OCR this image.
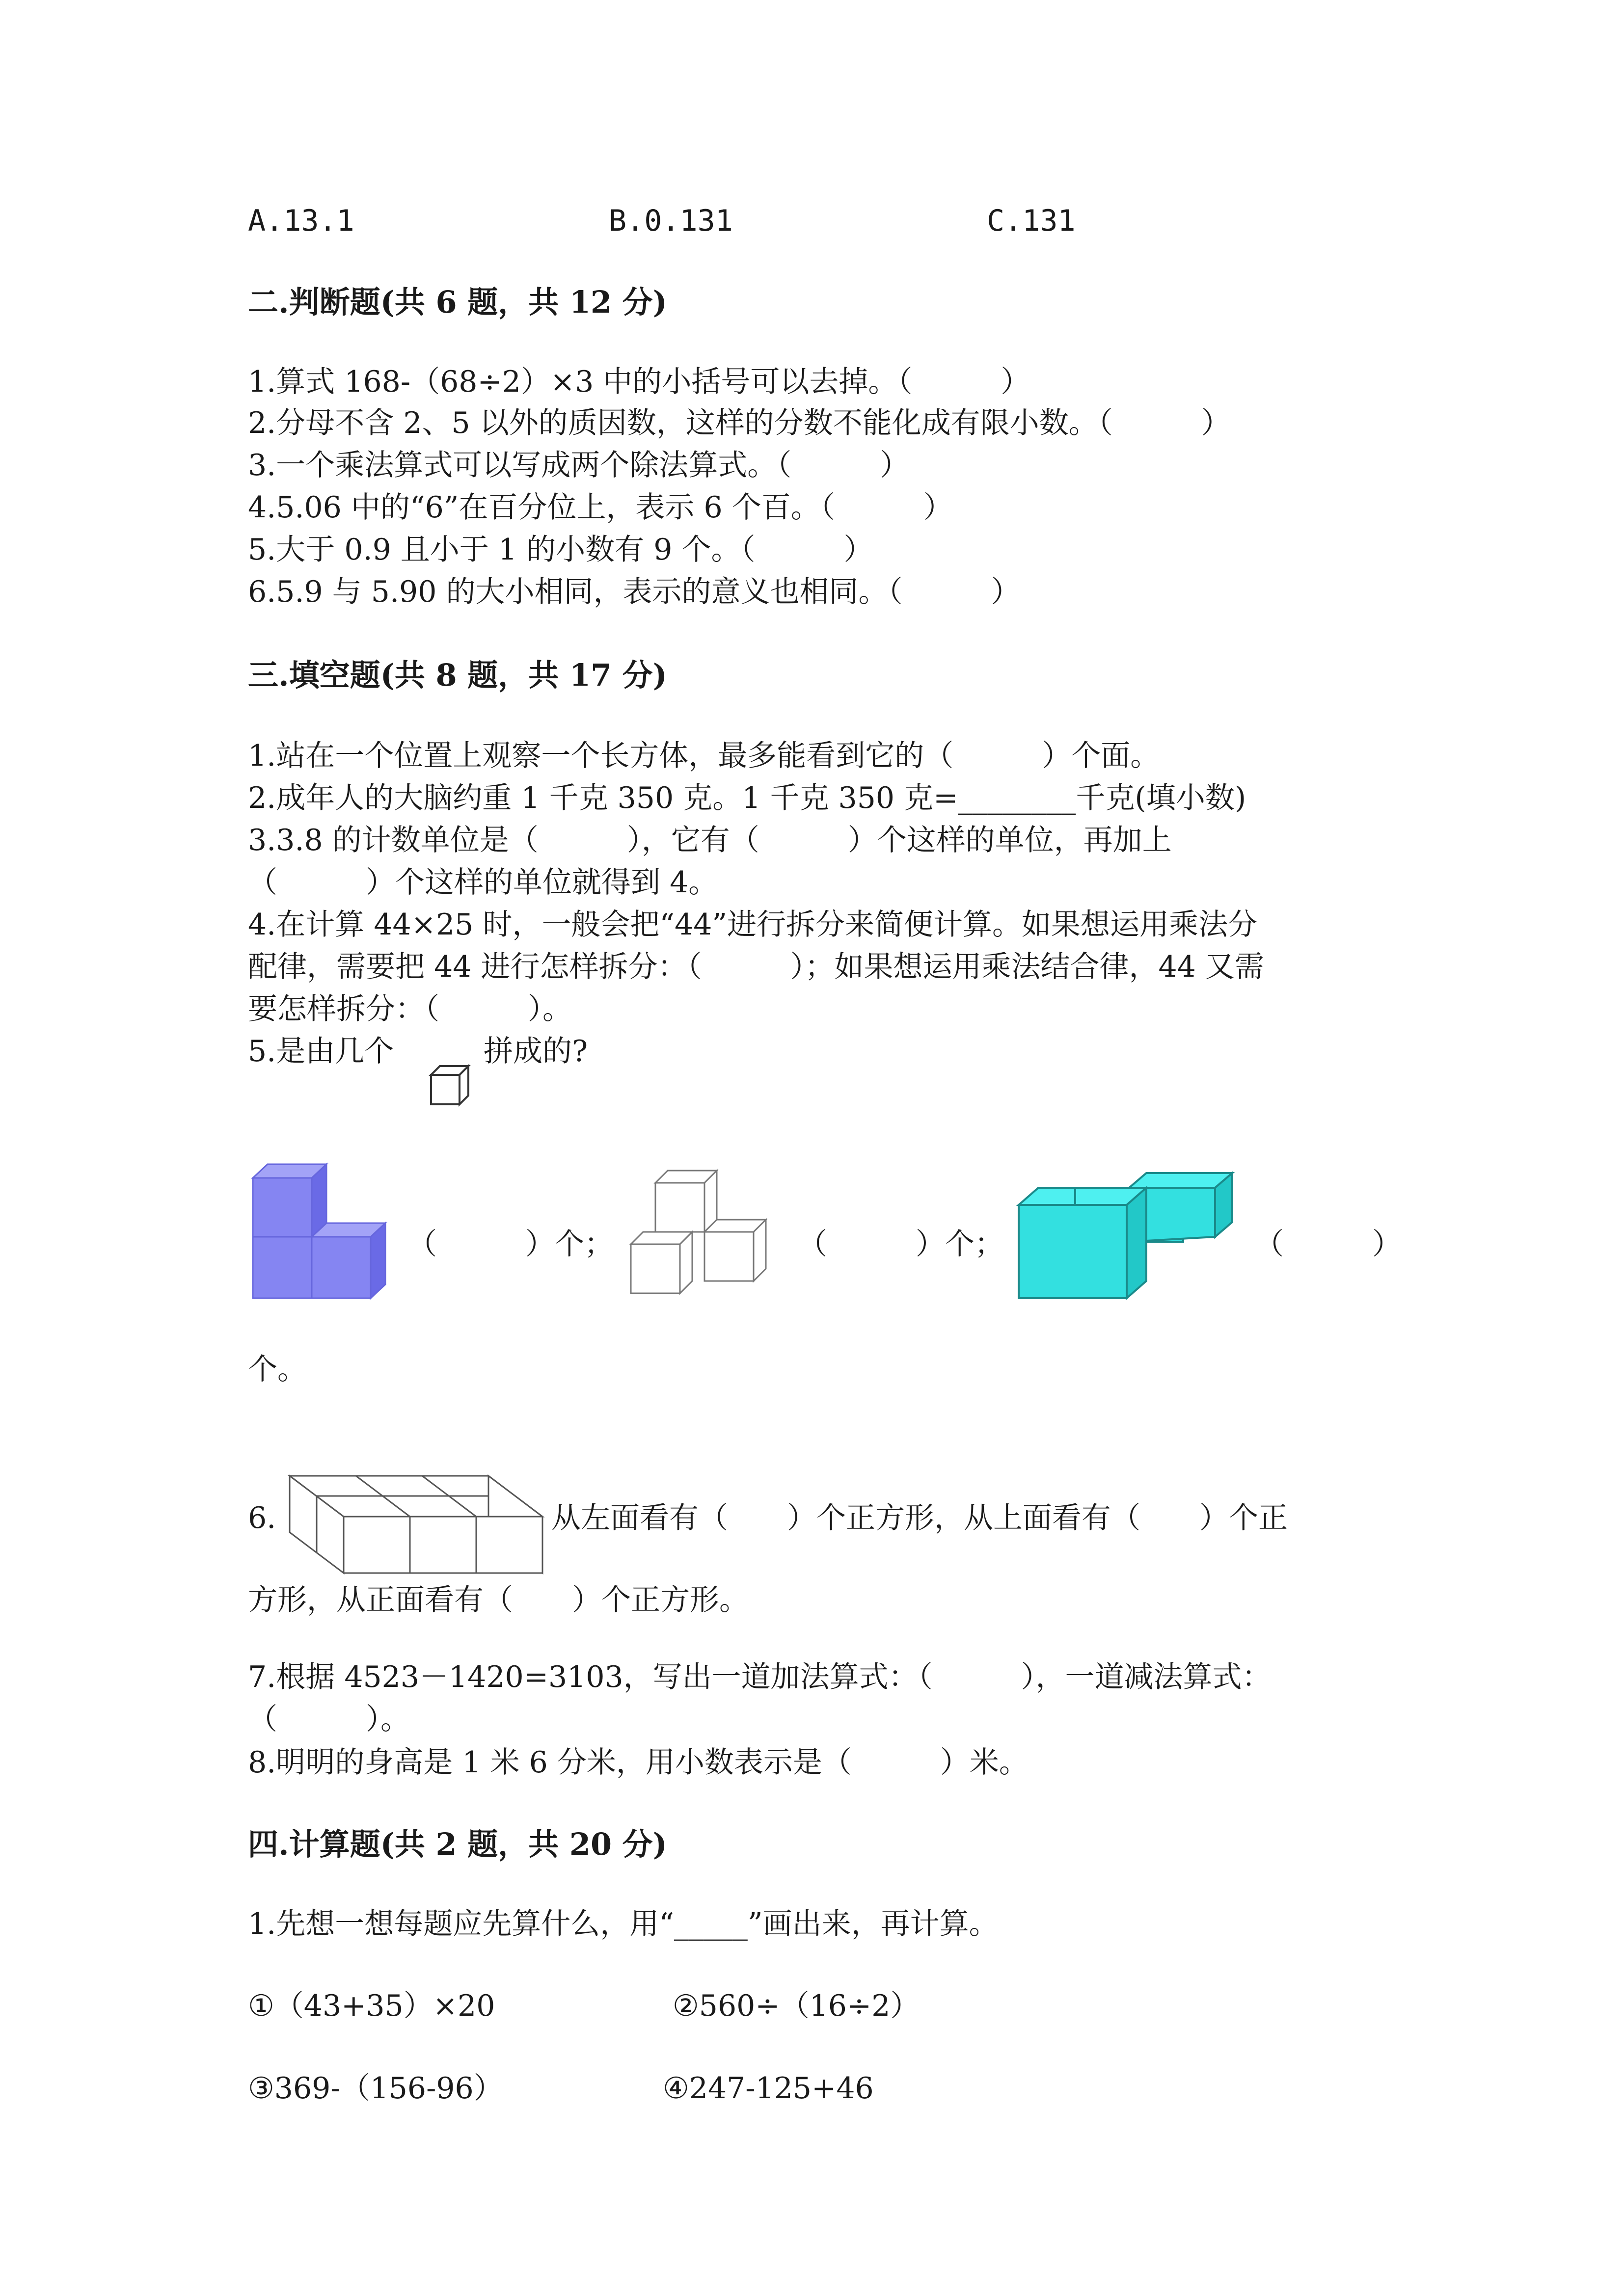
A.13.1	B.0.131	C.131
二.判断题(共 6 题，共 12 分)
1.算式 168-（68÷2）×3 中的小括号可以去掉。（　　　）
2.分母不含 2、5 以外的质因数，这样的分数不能化成有限小数。（　　　）
3.一个乘法算式可以写成两个除法算式。（　　　）
4.5.06 中的“6”在百分位上，表示 6 个百。（　　　）
5.大于 0.9 且小于 1 的小数有 9 个。（　　　）
6.5.9 与 5.90 的大小相同，表示的意义也相同。（　　　）
三.填空题(共 8 题，共 17 分)
1.站在一个位置上观察一个长方体，最多能看到它的（　　　）个面。
2.成年人的大脑约重 1 千克 350 克。1 千克 350 克=________千克(填小数)
3.3.8 的计数单位是（　　　），它有（　　　）个这样的单位，再加上
（　　　）个这样的单位就得到 4。
4.在计算 44×25 时，一般会把“44”进行拆分来简便计算。如果想运用乘法分
配律，需要把 44 进行怎样拆分：（　　　）；如果想运用乘法结合律，44 又需
要怎样拆分：（　　　）。
5.是由几个	拼成的?
（　　　）个；	（　　　）个；	（　　　）
个。
6.	从左面看有（　　）个正方形，从上面看有（　　）个正
方形，从正面看有（　　）个正方形。
7.根据 4523－1420=3103，写出一道加法算式：（　　　），一道减法算式：
（　　　）。
8.明明的身高是 1 米 6 分米，用小数表示是（　　　）米。
四.计算题(共 2 题，共 20 分)
1.先想一想每题应先算什么，用“_____”画出来，再计算。
①（43+35）×20	②560÷（16÷2）
③369-（156-96）	④247-125+46
